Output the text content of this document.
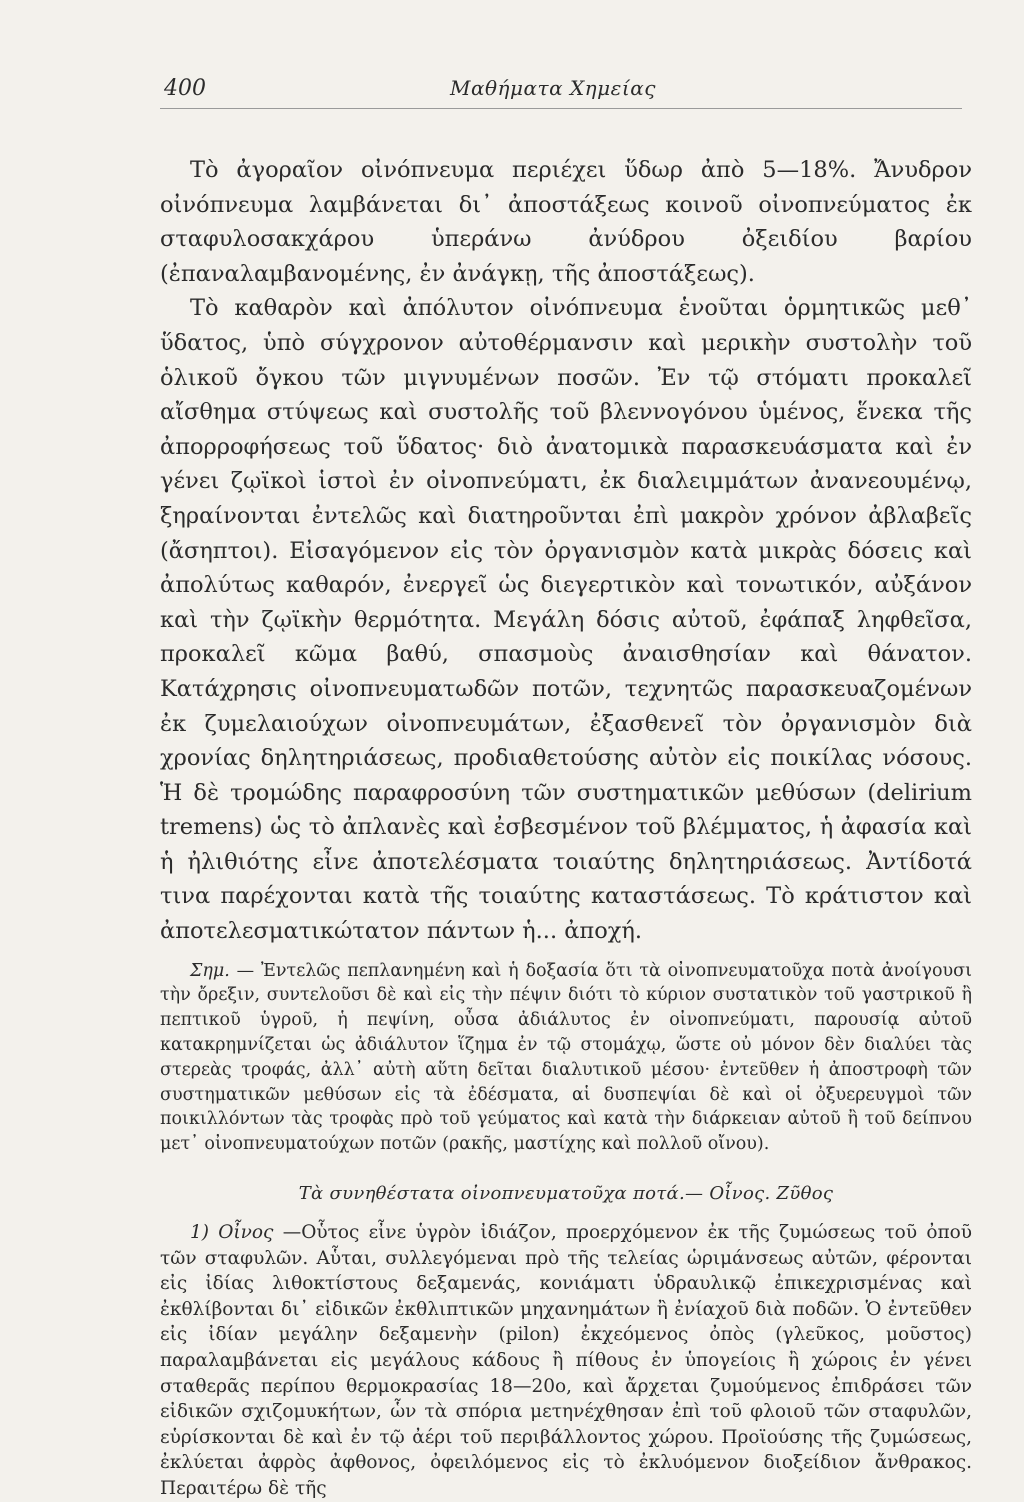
400	Μαθήματα Χημείας

Τὸ ἀγοραῖον οἰνόπνευμα περιέχει ὕδωρ ἀπὸ 5—18%. Ἄνυδρον οἰνόπνευμα λαμβάνεται δι᾽ ἀποστάξεως κοινοῦ οἰνοπνεύματος ἐκ σταφυλοσακχάρου ὑπεράνω ἀνύδρου ὀξειδίου βαρίου (ἐπαναλαμβανομένης, ἐν ἀνάγκῃ, τῆς ἀποστάξεως).

Τὸ καθαρὸν καὶ ἀπόλυτον οἰνόπνευμα ἑνοῦται ὁρμητικῶς μεθ᾽ ὕδατος, ὑπὸ σύγχρονον αὐτοθέρμανσιν καὶ μερικὴν συστολὴν τοῦ ὁλικοῦ ὄγκου τῶν μιγνυμένων ποσῶν. Ἐν τῷ στόματι προκαλεῖ αἴσθημα στύψεως καὶ συστολῆς τοῦ βλεννογόνου ὑμένος, ἕνεκα τῆς ἀπορροφήσεως τοῦ ὕδατος· διὸ ἀνατομικὰ παρασκευάσματα καὶ ἐν γένει ζῳϊκοὶ ἱστοὶ ἐν οἰνοπνεύματι, ἐκ διαλειμμάτων ἀνανεουμένῳ, ξηραίνονται ἐντελῶς καὶ διατηροῦνται ἐπὶ μακρὸν χρόνον ἀβλαβεῖς (ἄσηπτοι). Εἰσαγόμενον εἰς τὸν ὀργανισμὸν κατὰ μικρὰς δόσεις καὶ ἀπολύτως καθαρόν, ἐνεργεῖ ὡς διεγερτικὸν καὶ τονωτικόν, αὐξάνον καὶ τὴν ζῳϊκὴν θερμότητα. Μεγάλη δόσις αὐτοῦ, ἐφάπαξ ληφθεῖσα, προκαλεῖ κῶμα βαθύ, σπασμοὺς ἀναισθησίαν καὶ θάνατον. Κατάχρησις οἰνοπνευματωδῶν ποτῶν, τεχνητῶς παρασκευαζομένων ἐκ ζυμελαιούχων οἰνοπνευμάτων, ἐξασθενεῖ τὸν ὀργανισμὸν διὰ χρονίας δηλητηριάσεως, προδιαθετούσης αὐτὸν εἰς ποικίλας νόσους. Ἡ δὲ τρομώδης παραφροσύνη τῶν συστηματικῶν μεθύσων (delirium tremens) ὡς τὸ ἀπλανὲς καὶ ἐσβεσμένον τοῦ βλέμματος, ἡ ἀφασία καὶ ἡ ἠλιθιότης εἶνε ἀποτελέσματα τοιαύτης δηλητηριάσεως. Ἀντίδοτά τινα παρέχονται κατὰ τῆς τοιαύτης καταστάσεως. Τὸ κράτιστον καὶ ἀποτελεσματικώτατον πάντων ἡ... ἀποχή.

Σημ. — Ἐντελῶς πεπλανημένη καὶ ἡ δοξασία ὅτι τὰ οἰνοπνευματοῦχα ποτὰ ἀνοίγουσι τὴν ὄρεξιν, συντελοῦσι δὲ καὶ εἰς τὴν πέψιν διότι τὸ κύριον συστατικὸν τοῦ γαστρικοῦ ἢ πεπτικοῦ ὑγροῦ, ἡ πεψίνη, οὖσα ἀδιάλυτος ἐν οἰνοπνεύματι, παρουσίᾳ αὐτοῦ κατακρημνίζεται ὡς ἀδιάλυτον ἵζημα ἐν τῷ στομάχῳ, ὥστε οὐ μόνον δὲν διαλύει τὰς στερεὰς τροφάς, ἀλλ᾽ αὐτὴ αὕτη δεῖται διαλυτικοῦ μέσου· ἐντεῦθεν ἡ ἀποστροφὴ τῶν συστηματικῶν μεθύσων εἰς τὰ ἐδέσματα, αἱ δυσπεψίαι δὲ καὶ οἱ ὀξυερευγμοὶ τῶν ποικιλλόντων τὰς τροφὰς πρὸ τοῦ γεύματος καὶ κατὰ τὴν διάρκειαν αὐτοῦ ἢ τοῦ δείπνου μετ᾽ οἰνοπνευματούχων ποτῶν (ρακῆς, μαστίχης καὶ πολλοῦ οἴνου).
Τὰ συνηθέστατα οἰνοπνευματοῦχα ποτά.— Οἶνος. Ζῦθος

1) Οἶνος —Οὗτος εἶνε ὑγρὸν ἰδιάζον, προερχόμενον ἐκ τῆς ζυμώσεως τοῦ ὀποῦ τῶν σταφυλῶν. Αὗται, συλλεγόμεναι πρὸ τῆς τελείας ὡριμάνσεως αὐτῶν, φέρονται εἰς ἰδίας λιθοκτίστους δεξαμενάς, κονιάματι ὑδραυλικῷ ἐπικεχρισμένας καὶ ἐκθλίβονται δι᾽ εἰδικῶν ἐκθλιπτικῶν μηχανημάτων ἢ ἐνίαχοῦ διὰ ποδῶν. Ὁ ἐντεῦθεν εἰς ἰδίαν μεγάλην δεξαμενὴν (pilon) ἐκχεόμενος ὀπὸς (γλεῦκος, μοῦστος) παραλαμβάνεται εἰς μεγάλους κάδους ἢ πίθους ἐν ὑπογείοις ἢ χώροις ἐν γένει σταθερᾶς περίπου θερμοκρασίας 18—20ο, καὶ ἄρχεται ζυμούμενος ἐπιδράσει τῶν εἰδικῶν σχιζομυκήτων, ὧν τὰ σπόρια μετηνέχθησαν ἐπὶ τοῦ φλοιοῦ τῶν σταφυλῶν, εὑρίσκονται δὲ καὶ ἐν τῷ ἀέρι τοῦ περιβάλλοντος χώρου. Προϊούσης τῆς ζυμώσεως, ἐκλύεται ἀφρὸς ἀφθονος, ὀφειλόμενος εἰς τὸ ἐκλυόμενον διοξείδιον ἄνθρακος. Περαιτέρω δὲ τῆς
